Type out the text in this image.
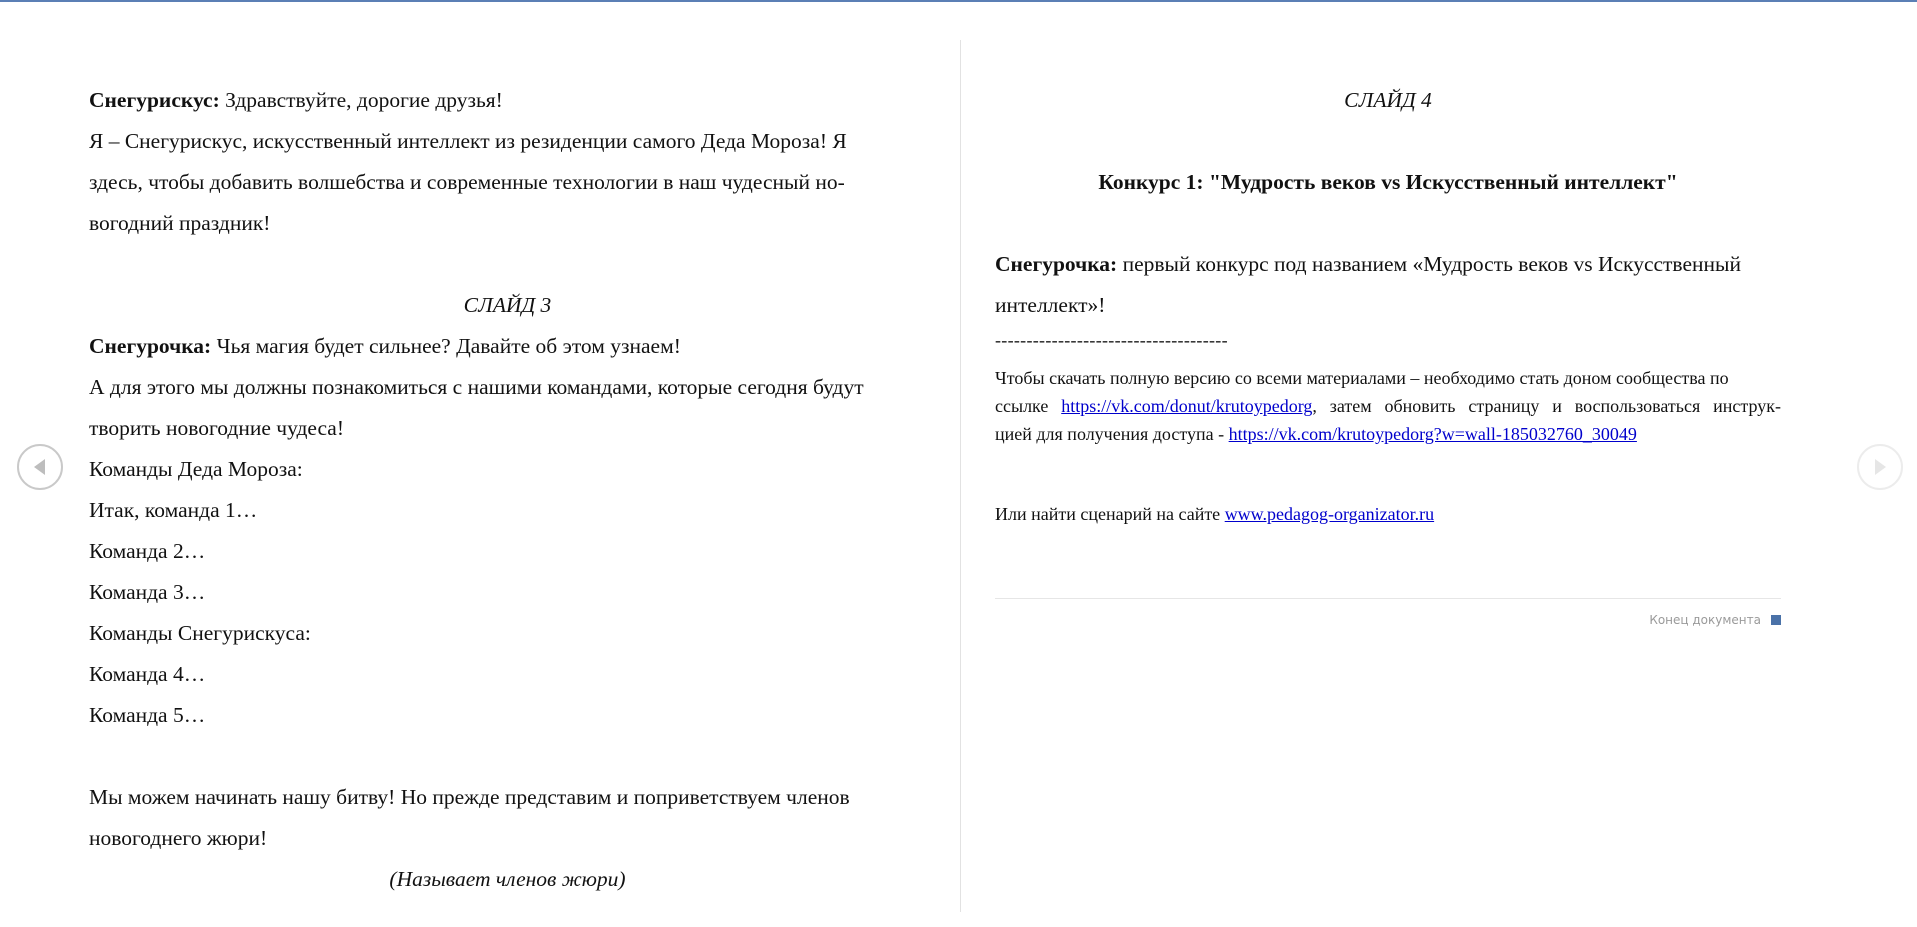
Снегурискус: Здравствуйте, дорогие друзья!

Я – Снегурискус, искусственный интеллект из резиденции самого Деда Мороза! Я

здесь, чтобы добавить волшебства и современные технологии в наш чудесный но-

вогодний праздник!

СЛАЙД 3

Снегурочка: Чья магия будет сильнее? Давайте об этом узнаем!

А для этого мы должны познакомиться с нашими командами, которые сегодня будут

творить новогодние чудеса!

Команды Деда Мороза:

Итак, команда 1…

Команда 2…

Команда 3…

Команды Снегурискуса:

Команда 4…

Команда 5…

Мы можем начинать нашу битву! Но прежде представим и поприветствуем членов

новогоднего жюри!

(Называет членов жюри)

СЛАЙД 4

Конкурс 1: "Мудрость веков vs Искусственный интеллект"

Снегурочка: первый конкурс под названием «Мудрость веков vs Искусственный

интеллект»!

-------------------------------------

Чтобы скачать полную версию со всеми материалами – необходимо стать доном сообщества по

ссылке https://vk.com/donut/krutoypedorg, затем обновить страницу и воспользоваться инструк-

цией для получения доступа - https://vk.com/krutoypedorg?w=wall-185032760_30049

Или найти сценарий на сайте www.pedagog-organizator.ru

Конец документа
